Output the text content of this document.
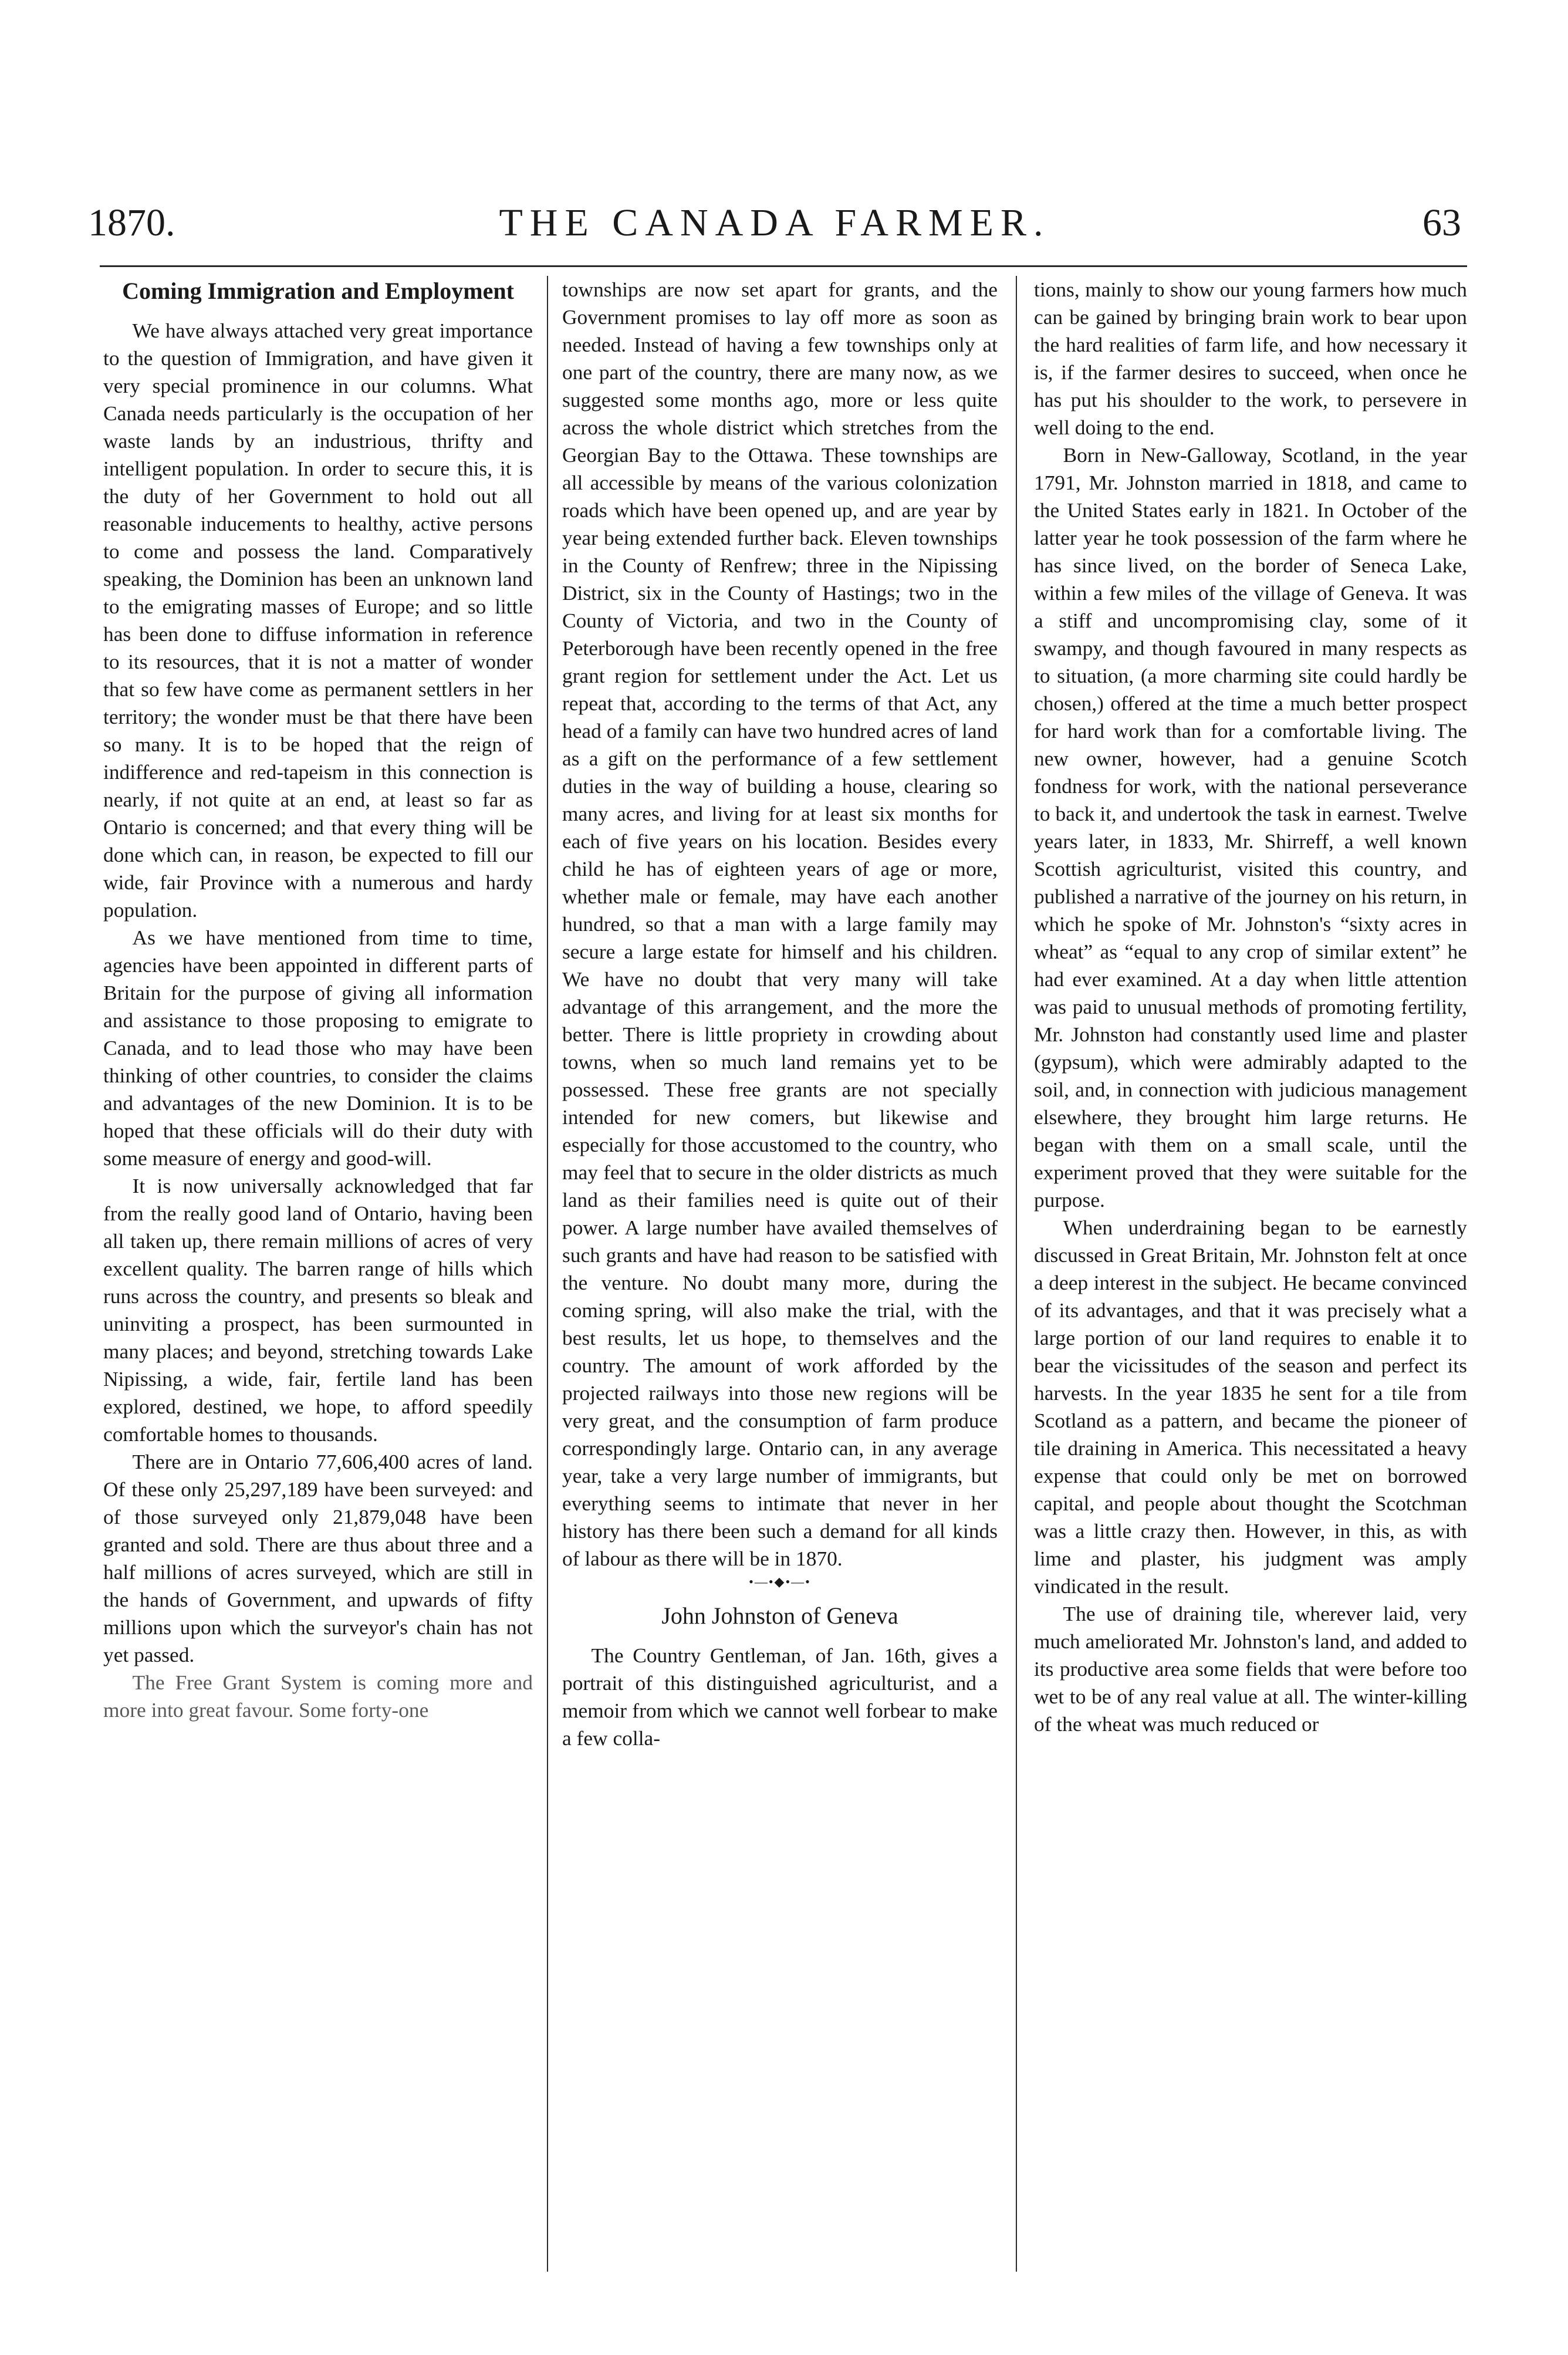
1870.	THE CANADA FARMER.	63
Coming Immigration and Employment

We have always attached very great importance to the question of Immigration, and have given it very special prominence in our columns. What Canada needs particularly is the occupation of her waste lands by an industrious, thrifty and intelligent population. In order to secure this, it is the duty of her Government to hold out all reasonable inducements to healthy, active persons to come and possess the land. Comparatively speaking, the Dominion has been an unknown land to the emigrating masses of Europe; and so little has been done to diffuse information in reference to its resources, that it is not a matter of wonder that so few have come as permanent settlers in her territory; the wonder must be that there have been so many. It is to be hoped that the reign of indifference and red-tapeism in this connection is nearly, if not quite at an end, at least so far as Ontario is concerned; and that every thing will be done which can, in reason, be expected to fill our wide, fair Province with a numerous and hardy population.

As we have mentioned from time to time, agencies have been appointed in different parts of Britain for the purpose of giving all information and assistance to those proposing to emigrate to Canada, and to lead those who may have been thinking of other countries, to consider the claims and advantages of the new Dominion. It is to be hoped that these officials will do their duty with some measure of energy and good-will.

It is now universally acknowledged that far from the really good land of Ontario, having been all taken up, there remain millions of acres of very excellent quality. The barren range of hills which runs across the country, and presents so bleak and uninviting a prospect, has been surmounted in many places; and beyond, stretching towards Lake Nipissing, a wide, fair, fertile land has been explored, destined, we hope, to afford speedily comfortable homes to thousands.

There are in Ontario 77,606,400 acres of land. Of these only 25,297,189 have been surveyed: and of those surveyed only 21,879,048 have been granted and sold. There are thus about three and a half millions of acres surveyed, which are still in the hands of Government, and upwards of fifty millions upon which the surveyor's chain has not yet passed.

The Free Grant System is coming more and more into great favour. Some forty-one

townships are now set apart for grants, and the Government promises to lay off more as soon as needed. Instead of having a few townships only at one part of the country, there are many now, as we suggested some months ago, more or less quite across the whole district which stretches from the Georgian Bay to the Ottawa. These townships are all accessible by means of the various colonization roads which have been opened up, and are year by year being extended further back. Eleven townships in the County of Renfrew; three in the Nipissing District, six in the County of Hastings; two in the County of Victoria, and two in the County of Peterborough have been recently opened in the free grant region for settlement under the Act. Let us repeat that, according to the terms of that Act, any head of a family can have two hundred acres of land as a gift on the performance of a few settlement duties in the way of building a house, clearing so many acres, and living for at least six months for each of five years on his location. Besides every child he has of eighteen years of age or more, whether male or female, may have each another hundred, so that a man with a large family may secure a large estate for himself and his children. We have no doubt that very many will take advantage of this arrangement, and the more the better. There is little propriety in crowding about towns, when so much land remains yet to be possessed. These free grants are not specially intended for new comers, but likewise and especially for those accustomed to the country, who may feel that to secure in the older districts as much land as their families need is quite out of their power. A large number have availed themselves of such grants and have had reason to be satisfied with the venture. No doubt many more, during the coming spring, will also make the trial, with the best results, let us hope, to themselves and the country. The amount of work afforded by the projected railways into those new regions will be very great, and the consumption of farm produce correspondingly large. Ontario can, in any average year, take a very large number of immigrants, but everything seems to intimate that never in her history has there been such a demand for all kinds of labour as there will be in 1870.

•—•◆•—•
John Johnston of Geneva

The Country Gentleman, of Jan. 16th, gives a portrait of this distinguished agriculturist, and a memoir from which we cannot well forbear to make a few colla-

tions, mainly to show our young farmers how much can be gained by bringing brain work to bear upon the hard realities of farm life, and how necessary it is, if the farmer desires to succeed, when once he has put his shoulder to the work, to persevere in well doing to the end.

Born in New-Galloway, Scotland, in the year 1791, Mr. Johnston married in 1818, and came to the United States early in 1821. In October of the latter year he took possession of the farm where he has since lived, on the border of Seneca Lake, within a few miles of the village of Geneva. It was a stiff and uncompromising clay, some of it swampy, and though favoured in many respects as to situation, (a more charming site could hardly be chosen,) offered at the time a much better prospect for hard work than for a comfortable living. The new owner, however, had a genuine Scotch fondness for work, with the national perseverance to back it, and undertook the task in earnest. Twelve years later, in 1833, Mr. Shirreff, a well known Scottish agriculturist, visited this country, and published a narrative of the journey on his return, in which he spoke of Mr. Johnston's “sixty acres in wheat” as “equal to any crop of similar extent” he had ever examined. At a day when little attention was paid to unusual methods of promoting fertility, Mr. Johnston had constantly used lime and plaster (gypsum), which were admirably adapted to the soil, and, in connection with judicious management elsewhere, they brought him large returns. He began with them on a small scale, until the experiment proved that they were suitable for the purpose.

When underdraining began to be earnestly discussed in Great Britain, Mr. Johnston felt at once a deep interest in the subject. He became convinced of its advantages, and that it was precisely what a large portion of our land requires to enable it to bear the vicissitudes of the season and perfect its harvests. In the year 1835 he sent for a tile from Scotland as a pattern, and became the pioneer of tile draining in America. This necessitated a heavy expense that could only be met on borrowed capital, and people about thought the Scotchman was a little crazy then. However, in this, as with lime and plaster, his judgment was amply vindicated in the result.

The use of draining tile, wherever laid, very much ameliorated Mr. Johnston's land, and added to its productive area some fields that were before too wet to be of any real value at all. The winter-killing of the wheat was much reduced or
